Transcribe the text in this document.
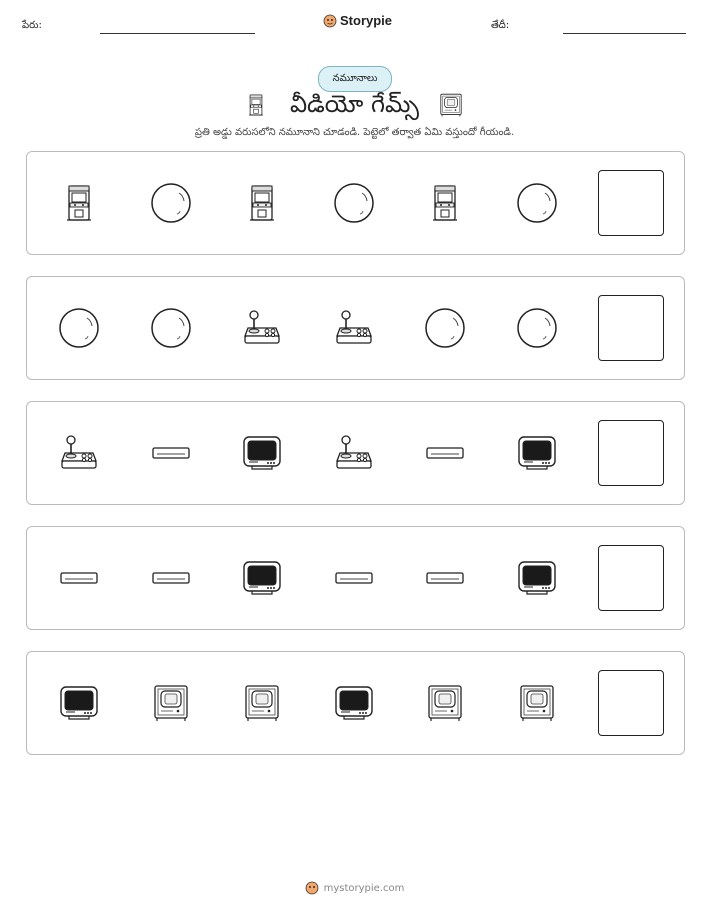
పేరు:	Storypie	తేదీ:
నమూనాలు
వీడియో గేమ్స్
ప్రతి అడ్డు వరుసలోని నమూనాని చూడండి. పెట్టెలో తర్వాత ఏమి వస్తుందో గీయండి.
mystorypie.com
